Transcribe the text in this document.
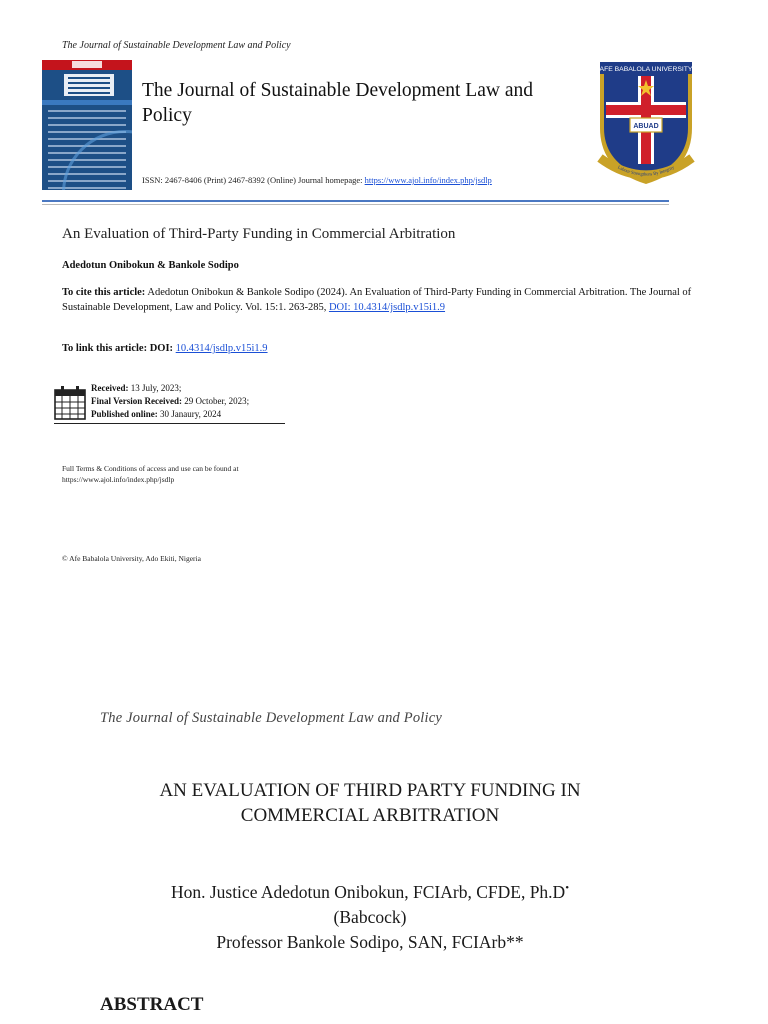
The Journal of Sustainable Development Law and Policy
The Journal of Sustainable Development Law and Policy
ISSN: 2467-8406 (Print) 2467-8392 (Online) Journal homepage: https://www.ajol.info/index.php/jsdlp
AFE BABALOLA UNIVERSITY
ABUAD
Labour Strengthens By Integrity
An Evaluation of Third-Party Funding in Commercial Arbitration
Adedotun Onibokun & Bankole Sodipo
To cite this article: Adedotun Onibokun & Bankole Sodipo (2024). An Evaluation of Third-Party Funding in Commercial Arbitration. The Journal of Sustainable Development, Law and Policy. Vol. 15:1. 263-285, DOI: 10.4314/jsdlp.v15i1.9
To link this article: DOI: 10.4314/jsdlp.v15i1.9
Received: 13 July, 2023;
Final Version Received: 29 October, 2023;
Published online: 30 Janaury, 2024
Full Terms & Conditions of access and use can be found at
https://www.ajol.info/index.php/jsdlp
© Afe Babalola University, Ado Ekiti, Nigeria
The Journal of Sustainable Development Law and Policy
AN EVALUATION OF THIRD PARTY FUNDING IN
COMMERCIAL ARBITRATION
Hon. Justice Adedotun Onibokun, FCIArb, CFDE, Ph.D•
(Babcock)
Professor Bankole Sodipo, SAN, FCIArb**
ABSTRACT
